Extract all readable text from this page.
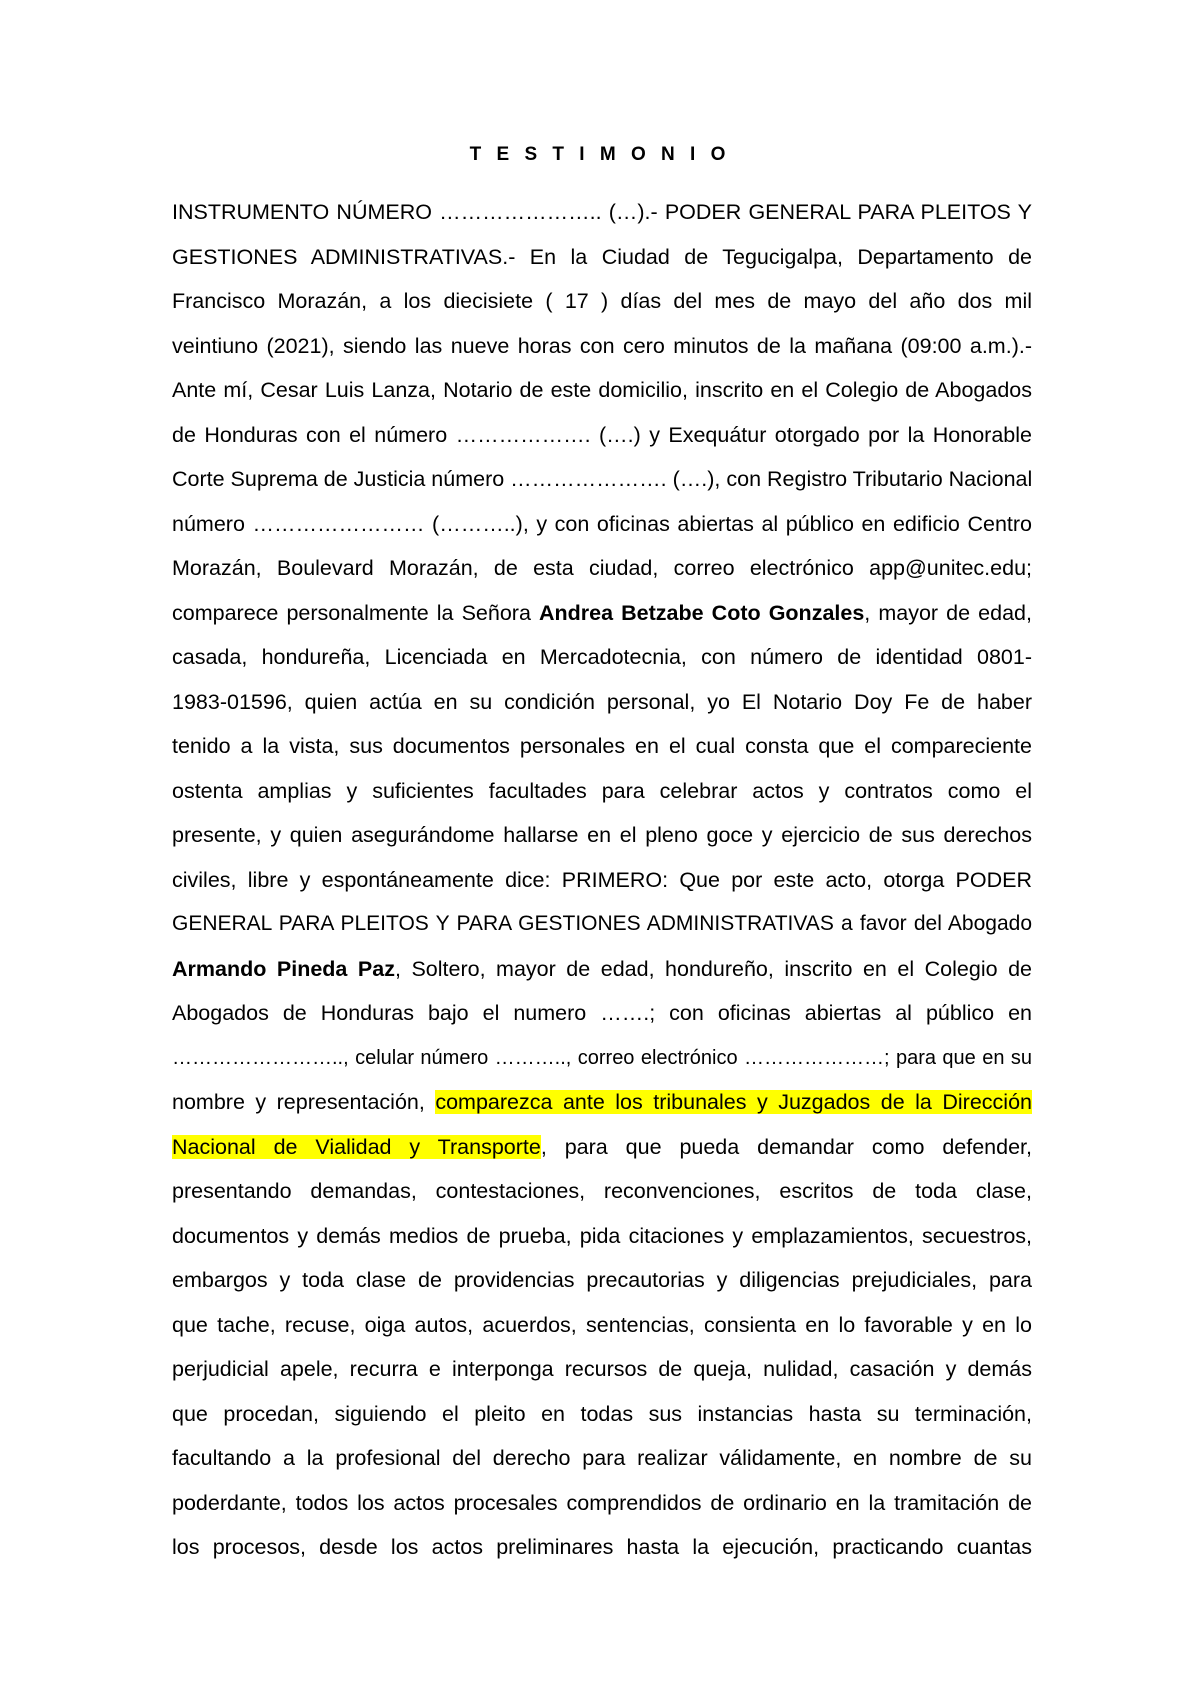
T E S T I M O N I O
INSTRUMENTO NÚMERO ………………….. (…).- PODER GENERAL PARA PLEITOS Y
GESTIONES ADMINISTRATIVAS.- En la Ciudad de Tegucigalpa, Departamento de
Francisco Morazán, a los diecisiete ( 17 ) días del mes de mayo del año dos mil
veintiuno (2021), siendo las nueve horas con cero minutos de la mañana (09:00 a.m.).-
Ante mí, Cesar Luis Lanza, Notario de este domicilio, inscrito en el Colegio de Abogados
de Honduras con el número ………………. (….) y Exequátur otorgado por la Honorable
Corte Suprema de Justicia número …………………. (….), con Registro Tributario Nacional
número …………………… (………..), y con oficinas abiertas al público en edificio Centro
Morazán, Boulevard Morazán, de esta ciudad, correo electrónico app@unitec.edu;
comparece personalmente la Señora Andrea Betzabe Coto Gonzales, mayor de edad,
casada, hondureña, Licenciada en Mercadotecnia, con número de identidad 0801-
1983-01596, quien actúa en su condición personal, yo El Notario Doy Fe de haber
tenido a la vista, sus documentos personales en el cual consta que el compareciente
ostenta amplias y suficientes facultades para celebrar actos y contratos como el
presente, y quien asegurándome hallarse en el pleno goce y ejercicio de sus derechos
civiles, libre y espontáneamente dice: PRIMERO: Que por este acto, otorga PODER
GENERAL PARA PLEITOS Y PARA GESTIONES ADMINISTRATIVAS a favor del Abogado
Armando Pineda Paz, Soltero, mayor de edad, hondureño, inscrito en el Colegio de
Abogados de Honduras bajo el numero …….; con oficinas abiertas al público en
…………………….., celular número ……….., correo electrónico …………………; para que en su
nombre y representación, comparezca ante los tribunales y Juzgados de la Dirección
Nacional de Vialidad y Transporte, para que pueda demandar como defender,
presentando demandas, contestaciones, reconvenciones, escritos de toda clase,
documentos y demás medios de prueba, pida citaciones y emplazamientos, secuestros,
embargos y toda clase de providencias precautorias y diligencias prejudiciales, para
que tache, recuse, oiga autos, acuerdos, sentencias, consienta en lo favorable y en lo
perjudicial apele, recurra e interponga recursos de queja, nulidad, casación y demás
que procedan, siguiendo el pleito en todas sus instancias hasta su terminación,
facultando a la profesional del derecho para realizar válidamente, en nombre de su
poderdante, todos los actos procesales comprendidos de ordinario en la tramitación de
los procesos, desde los actos preliminares hasta la ejecución, practicando cuantas
